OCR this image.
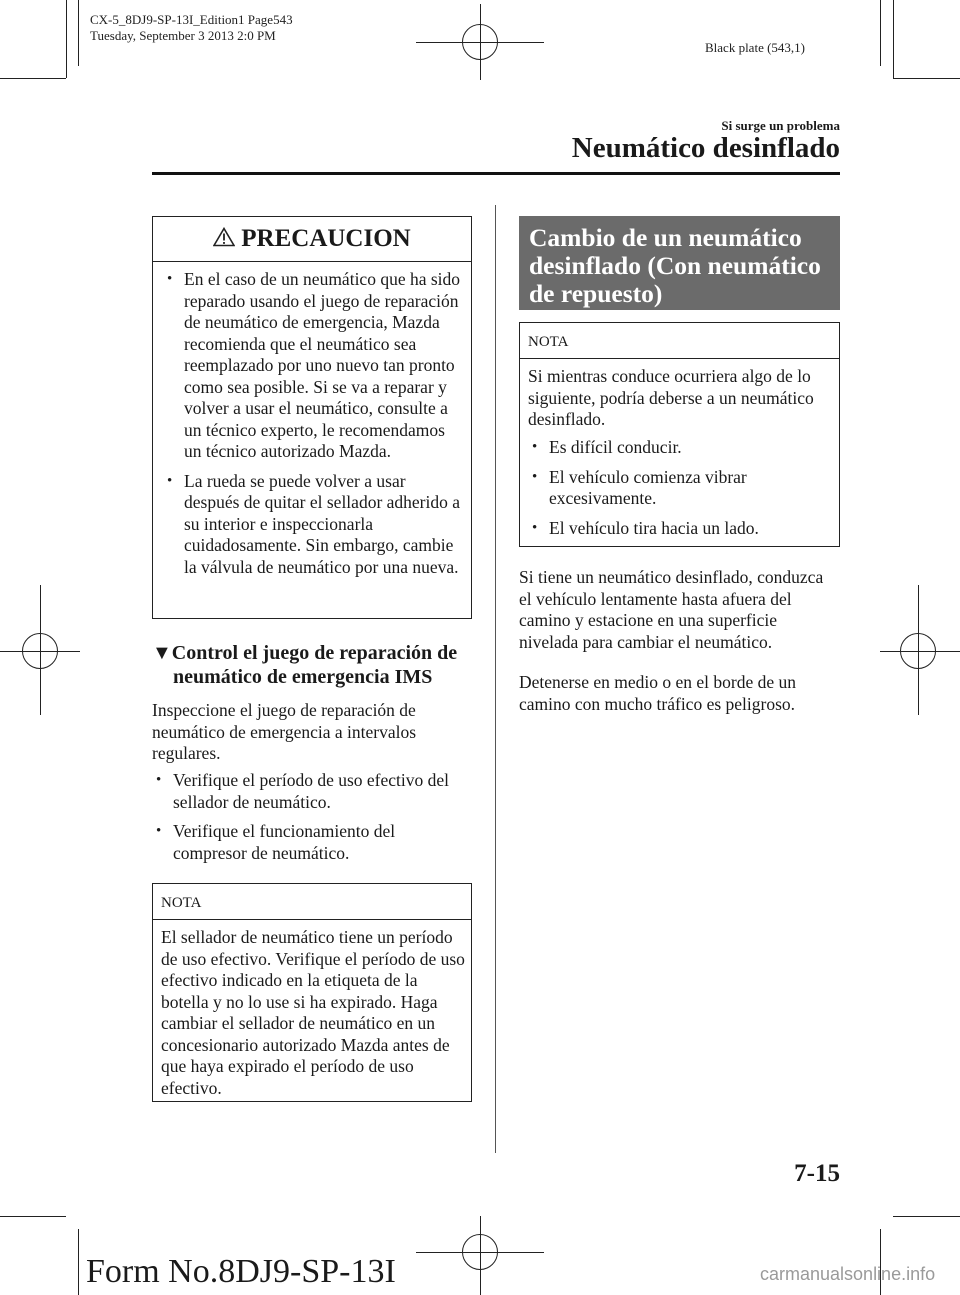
CX-5_8DJ9-SP-13I_Edition1 Page543
Tuesday, September 3 2013 2:0 PM
Black plate (543,1)
Si surge un problema
Neumático desinflado
PRECAUCION
• En el caso de un neumático que ha sido reparado usando el juego de reparación de neumático de emergencia, Mazda recomienda que el neumático sea reemplazado por uno nuevo tan pronto como sea posible. Si se va a reparar y volver a usar el neumático, consulte a un técnico experto, le recomendamos un técnico autorizado Mazda.
• La rueda se puede volver a usar después de quitar el sellador adherido a su interior e inspeccionarla cuidadosamente. Sin embargo, cambie la válvula de neumático por una nueva.
▼Control el juego de reparación de
neumático de emergencia IMS
Inspeccione el juego de reparación de neumático de emergencia a intervalos regulares.
• Verifique el período de uso efectivo del sellador de neumático.
• Verifique el funcionamiento del compresor de neumático.
NOTA
El sellador de neumático tiene un período de uso efectivo. Verifique el período de uso efectivo indicado en la etiqueta de la botella y no lo use si ha expirado. Haga cambiar el sellador de neumático en un concesionario autorizado Mazda antes de que haya expirado el período de uso efectivo.
Cambio de un neumático desinflado (Con neumático de repuesto)
NOTA
Si mientras conduce ocurriera algo de lo siguiente, podría deberse a un neumático desinflado.
• Es difícil conducir.
• El vehículo comienza vibrar excesivamente.
• El vehículo tira hacia un lado.
Si tiene un neumático desinflado, conduzca el vehículo lentamente hasta afuera del camino y estacione en una superficie nivelada para cambiar el neumático.
Detenerse en medio o en el borde de un camino con mucho tráfico es peligroso.
7-15
Form No.8DJ9-SP-13I	carmanualsonline.info
